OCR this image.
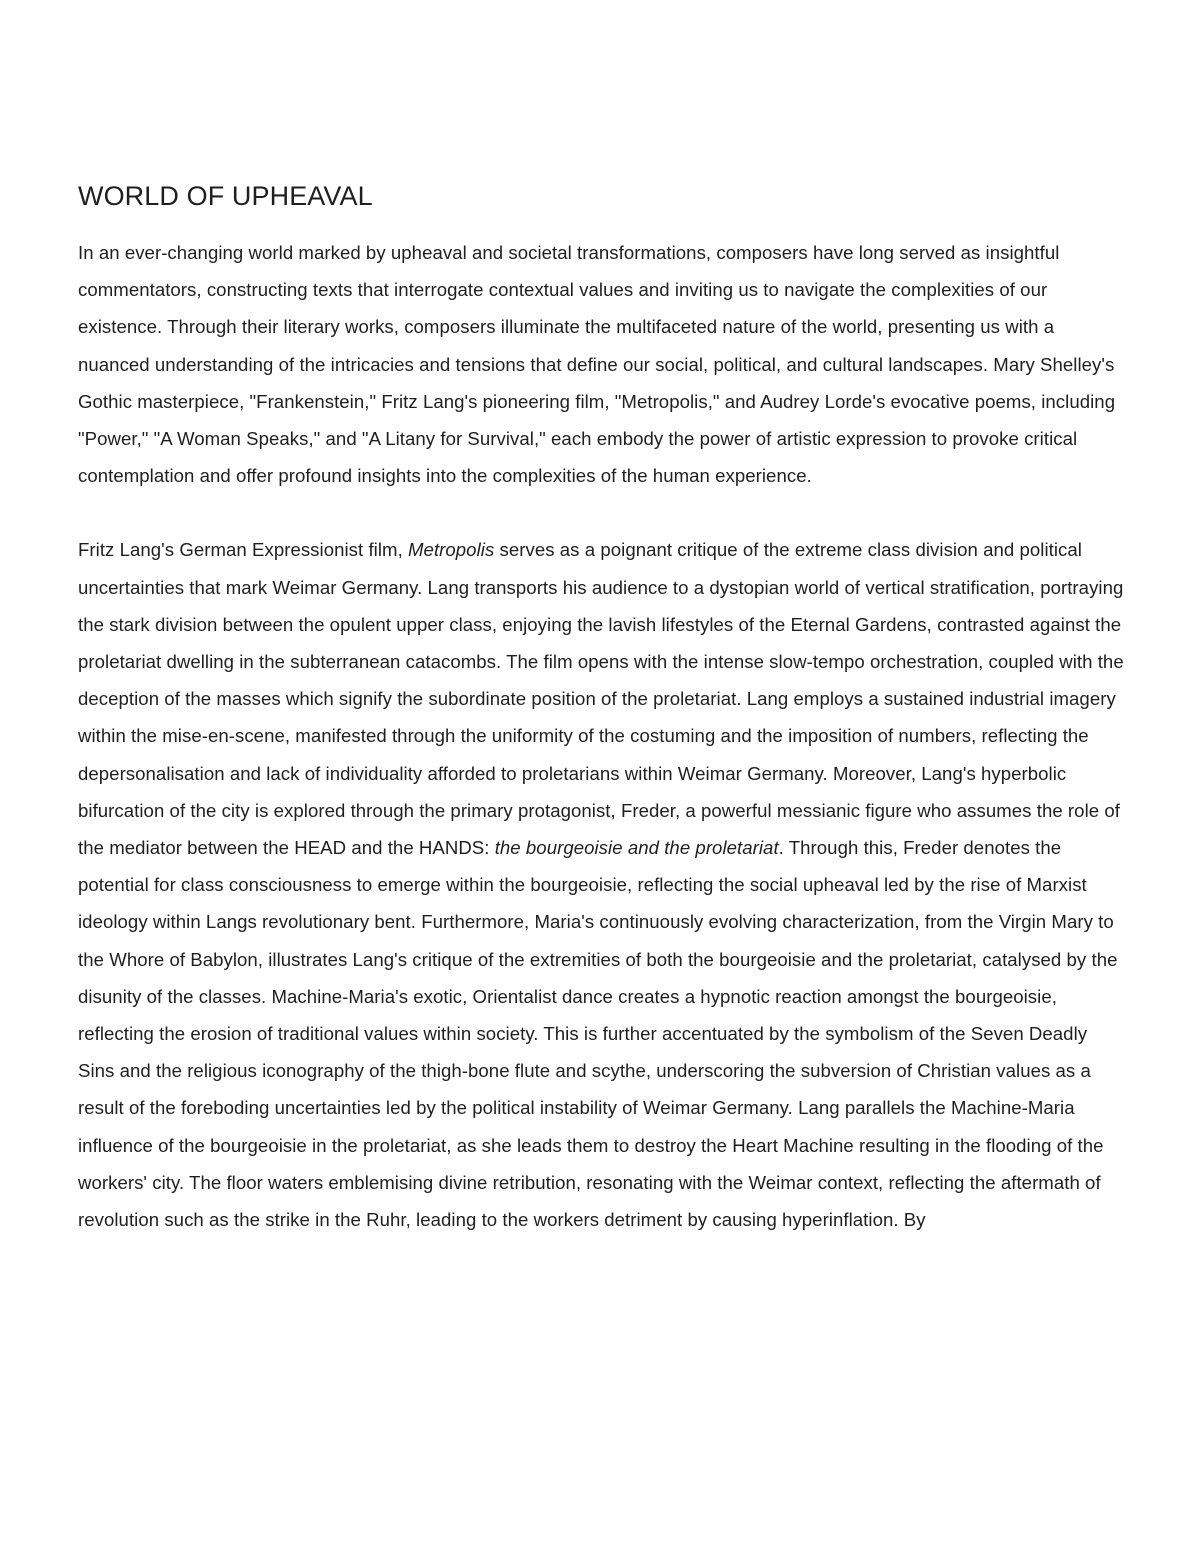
WORLD OF UPHEAVAL

In an ever-changing world marked by upheaval and societal transformations, composers have long served as insightful commentators, constructing texts that interrogate contextual values and inviting us to navigate the complexities of our existence. Through their literary works, composers illuminate the multifaceted nature of the world, presenting us with a nuanced understanding of the intricacies and tensions that define our social, political, and cultural landscapes. Mary Shelley's Gothic masterpiece, "Frankenstein," Fritz Lang's pioneering film, "Metropolis," and Audrey Lorde's evocative poems, including "Power," "A Woman Speaks," and "A Litany for Survival," each embody the power of artistic expression to provoke critical contemplation and offer profound insights into the complexities of the human experience.

Fritz Lang's German Expressionist film, Metropolis serves as a poignant critique of the extreme class division and political uncertainties that mark Weimar Germany. Lang transports his audience to a dystopian world of vertical stratification, portraying the stark division between the opulent upper class, enjoying the lavish lifestyles of the Eternal Gardens, contrasted against the proletariat dwelling in the subterranean catacombs. The film opens with the intense slow-tempo orchestration, coupled with the deception of the masses which signify the subordinate position of the proletariat. Lang employs a sustained industrial imagery within the mise-en-scene, manifested through the uniformity of the costuming and the imposition of numbers, reflecting the depersonalisation and lack of individuality afforded to proletarians within Weimar Germany. Moreover, Lang's hyperbolic bifurcation of the city is explored through the primary protagonist, Freder, a powerful messianic figure who assumes the role of the mediator between the HEAD and the HANDS: the bourgeoisie and the proletariat. Through this, Freder denotes the potential for class consciousness to emerge within the bourgeoisie, reflecting the social upheaval led by the rise of Marxist ideology within Langs revolutionary bent. Furthermore, Maria's continuously evolving characterization, from the Virgin Mary to the Whore of Babylon, illustrates Lang's critique of the extremities of both the bourgeoisie and the proletariat, catalysed by the disunity of the classes. Machine-Maria's exotic, Orientalist dance creates a hypnotic reaction amongst the bourgeoisie, reflecting the erosion of traditional values within society. This is further accentuated by the symbolism of the Seven Deadly Sins and the religious iconography of the thigh-bone flute and scythe, underscoring the subversion of Christian values as a result of the foreboding uncertainties led by the political instability of Weimar Germany. Lang parallels the Machine-Maria influence of the bourgeoisie in the proletariat, as she leads them to destroy the Heart Machine resulting in the flooding of the workers' city. The floor waters emblemising divine retribution, resonating with the Weimar context, reflecting the aftermath of revolution such as the strike in the Ruhr, leading to the workers detriment by causing hyperinflation. By
